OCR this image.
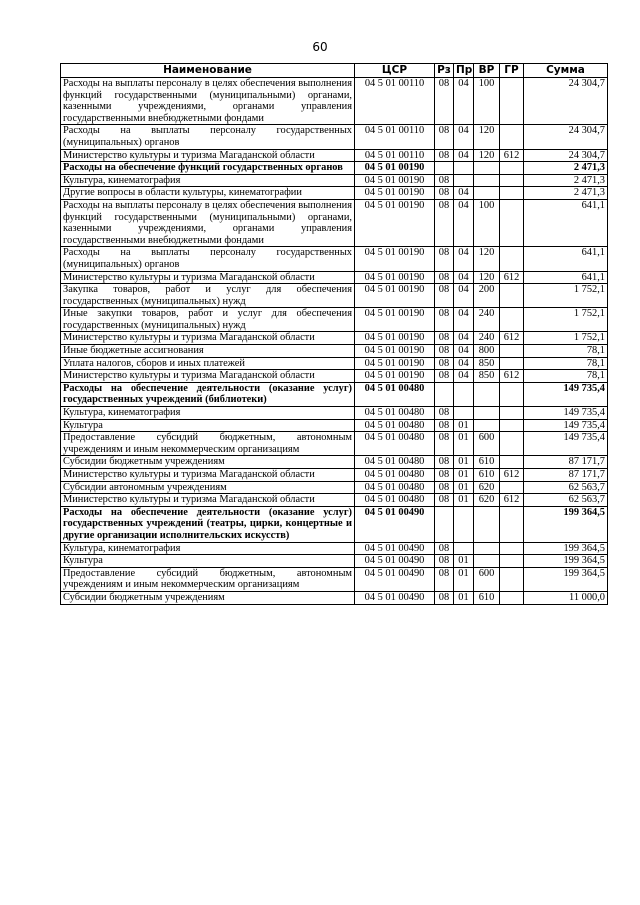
60
Наименование	ЦСР	Рз	Пр	ВР	ГР	Сумма
Расходы на выплаты персоналу в целях обеспечения выполнения функций государственными (муниципальными) органами, казенными учреждениями, органами управления государственными внебюджетными фондами	04 5 01 00110	08	04	100		24 304,7
Расходы на выплаты персоналу государственных (муниципальных) органов	04 5 01 00110	08	04	120		24 304,7
Министерство культуры и туризма Магаданской области	04 5 01 00110	08	04	120	612	24 304,7
Расходы на обеспечение функций государственных органов	04 5 01 00190					2 471,3
Культура, кинематография	04 5 01 00190	08				2 471,3
Другие вопросы в области культуры, кинематографии	04 5 01 00190	08	04			2 471,3
Расходы на выплаты персоналу в целях обеспечения выполнения функций государственными (муниципальными) органами, казенными учреждениями, органами управления государственными внебюджетными фондами	04 5 01 00190	08	04	100		641,1
Расходы на выплаты персоналу государственных (муниципальных) органов	04 5 01 00190	08	04	120		641,1
Министерство культуры и туризма Магаданской области	04 5 01 00190	08	04	120	612	641,1
Закупка товаров, работ и услуг для обеспечения государственных (муниципальных) нужд	04 5 01 00190	08	04	200		1 752,1
Иные закупки товаров, работ и услуг для обеспечения государственных (муниципальных) нужд	04 5 01 00190	08	04	240		1 752,1
Министерство культуры и туризма Магаданской области	04 5 01 00190	08	04	240	612	1 752,1
Иные бюджетные ассигнования	04 5 01 00190	08	04	800		78,1
Уплата налогов, сборов и иных платежей	04 5 01 00190	08	04	850		78,1
Министерство культуры и туризма Магаданской области	04 5 01 00190	08	04	850	612	78,1
Расходы на обеспечение деятельности (оказание услуг) государственных учреждений (библиотеки)	04 5 01 00480					149 735,4
Культура, кинематография	04 5 01 00480	08				149 735,4
Культура	04 5 01 00480	08	01			149 735,4
Предоставление субсидий бюджетным, автономным учреждениям и иным некоммерческим организациям	04 5 01 00480	08	01	600		149 735,4
Субсидии бюджетным учреждениям	04 5 01 00480	08	01	610		87 171,7
Министерство культуры и туризма Магаданской области	04 5 01 00480	08	01	610	612	87 171,7
Субсидии автономным учреждениям	04 5 01 00480	08	01	620		62 563,7
Министерство культуры и туризма Магаданской области	04 5 01 00480	08	01	620	612	62 563,7
Расходы на обеспечение деятельности (оказание услуг) государственных учреждений (театры, цирки, концертные и другие организации исполнительских искусств)	04 5 01 00490					199 364,5
Культура, кинематография	04 5 01 00490	08				199 364,5
Культура	04 5 01 00490	08	01			199 364,5
Предоставление субсидий бюджетным, автономным учреждениям и иным некоммерческим организациям	04 5 01 00490	08	01	600		199 364,5
Субсидии бюджетным учреждениям	04 5 01 00490	08	01	610		11 000,0
